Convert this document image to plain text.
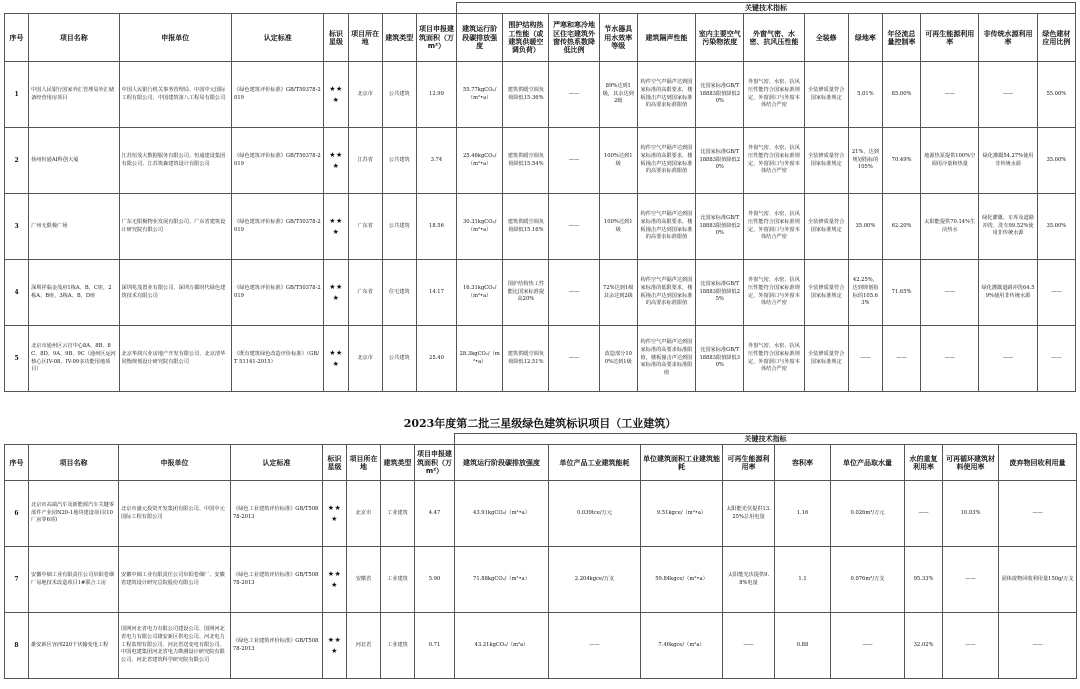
								关键技术指标												
序号	项目名称	申报单位	认定标准	标识星级	项目所在地	建筑类型	项目申报建筑面积（万m²）	建筑运行阶段碳排放强度	围护结构热工性能（或建筑供暖空调负荷）	严寒和寒冷地区住宅建筑外窗传热系数降低比例	节水器具用水效率等级	建筑隔声性能	室内主要空气污染物浓度	外窗气密、水密、抗风压性能	全装修	绿地率	年径流总量控制率	可再生能源利用率	非传统水源利用率	绿色建材应用比例
1	中国人民银行国家外汇管理局外汇储备经营用房项目	中国人民银行机关事务管理局、中国中元国际工程有限公司、中国建筑第八工程局有限公司	《绿色建筑评价标准》GB/T50378-2019	★★★	北京市	公共建筑	12.99	55.77kgCO₂/（m²•a）	建筑供暖空调负荷降低15.36%	——	89%达到1级，其余达到2级	构件空气声隔声达到国家标准的高限要求，楼板撞击声达到国家标准的高要求标准限值	比国家标准GB/T 18883限值降低20%	外窗气密、水密、抗风压性能符合国家标准规定，外窗洞口与外窗本体结合严密	全装修质量符合国家标准规定	5.01%	85.00%	——	——	55.00%
2	扬州恒通AI科创大厦	江苏恒茂大数据服务有限公司、恒通建设集团有限公司、江苏筑森建筑设计有限公司	《绿色建筑评价标准》GB/T50378-2019	★★★	江苏省	公共建筑	3.74	25.46kgCO₂/（m²•a）	建筑供暖空调负荷降低15.54%	——	100%达到1级	构件空气声隔声达到国家标准的高限要求，楼板撞击声达到国家标准的高要求标准限值	比国家标准GB/T 18883限值降低20%	外窗气密、水密、抗风压性能符合国家标准规定，外窗洞口与外窗本体结合严密	全装修质量符合国家标准规定	21%，达到规划指标的105%	70.49%	地源热泵提供100%空调用冷量和热量	绿化灌溉54.27%使用非传统水源	35.00%
3	广州无限极广场	广东无限极物业发展有限公司、广东省建筑设计研究院有限公司	《绿色建筑评价标准》GB/T50378-2019	★★★	广东省	公共建筑	18.56	30.31kgCO₂/（m²•a）	建筑供暖空调负荷降低15.16%	——	100%达到1级	构件空气声隔声达到国家标准的高限要求，楼板撞击声达到国家标准的高要求标准限值	比国家标准GB/T 18883限值降低20%	外窗气密、水密、抗风压性能符合国家标准规定，外窗洞口与外窗本体结合严密	全装修质量符合国家标准规定	35.00%	62.20%	太阳能提供70.14%生活热水	绿化灌溉、车库及道路冲洗、洗车99.52%使用非传统水源	35.00%
4	深圳祥临金茂府1栋A、B、C座，2栋A、B座，3栋A、B、D座	深圳兆茂置业有限公司、深圳万都时代绿色建筑技术有限公司	《绿色建筑评价标准》GB/T50378-2019	★★★	广东省	住宅建筑	14.17	16.31kgCO₂/（m²•a）	围护结构热工性能比国家标准提高20%	——	72%达到1级其余达到2级	构件空气声隔声达到国家标准的低限要求，楼板撞击声达到国家标准的高要求标准限值	比国家标准GB/T 18883限值降低25%	外窗气密、水密、抗风压性能符合国家标准规定，外窗洞口与外窗本体结合严密	全装修质量符合国家标准规定	42.25%，达到规划指标的105.63%	71.65%	——	绿化灌溉道路冲洗64.59%使用非传统水源	——
5	北京市通州区云宫中心8A、8B、8C、8D、9A、9B、9C（通州区运河核心区IV-08、IV-09多功能用地项目）	北京华润兴业房地产开发有限公司、北京清华同衡规划设计研究院有限公司	《既有建筑绿色改造评价标准》（GB/T 51141-2015）	★★★	北京市	公共建筑	25.40	28.3kgCO₂/（m²•a）	建筑供暖空调负荷降低12.51%	——	改造部分100%达到1级	构件空气声隔声达到国家标准的高要求标准限值，楼板撞击声达到国家标准的高要求标准限值	比国家标准GB/T 18883限值降低30%	外窗气密、水密、抗风压性能符合国家标准规定，外窗洞口与外窗本体结合严密	全装修质量符合国家标准规定	——	——	——	——	——
2023年度第二批三星级绿色建筑标识项目（工业建筑）
								关键技术指标								
序号	项目名称	申报单位	认定标准	标识星级	项目所在地	建筑类型	项目申报建筑面积（万m²）	建筑运行阶段碳排放强度	单位产品工业建筑能耗	单位建筑面积工业建筑能耗	可再生能源利用率	容积率	单位产品取水量	水的重复利用率	可再循环建筑材料使用率	废弃物回收利用量
6	北京市高端汽车及新能源汽车关键零部件产业园N20-1地块建设项目(10厂房等6项)	北京市盛元投资开发集团有限公司、中国中元国际工程有限公司	《绿色工业建筑评价标准》GB/T50878-2013	★★★	北京市	工业建筑	4.47	43.91kgCO₂/（m²•a）	0.039tce/万元	9.51kgce/（m²•a）	太阳能光伏提供13.25%总用电量	1.16	0.026m³/万元	——	10.03%	——
7	安徽中烟工业有限责任公司阜阳卷烟厂易地技术改造项目1#联合工房	安徽中烟工业有限责任公司阜阳卷烟厂、安徽省建筑设计研究总院股份有限公司	《绿色工业建筑评价标准》GB/T50878-2013	★★★	安徽省	工业建筑	5.90	71.88kgCO₂/（m²•a）	2.204kgce/万支	59.84kgce/（m²•a）	太阳能光伏提供9.8%电量	1.1	0.076m³/万支	95.33%	——	固体废物回收利用量150g/万支
8	雄安新区容西220千伏输变电工程	国网河北省电力有限公司建设公司、国网河北省电力有限公司雄安新区供电公司、河北电力工程监理有限公司、河北省送变电有限公司、中国电建集团河北省电力勘测设计研究院有限公司、河北省建筑科学研究院有限公司	《绿色工业建筑评价标准》GB/T50878-2013	★★★	河北省	工业建筑	0.71	43.21kgCO₂/（m²a）	——	7.46kgce/（m²a）	——	0.88	——	32.02%	——	——
